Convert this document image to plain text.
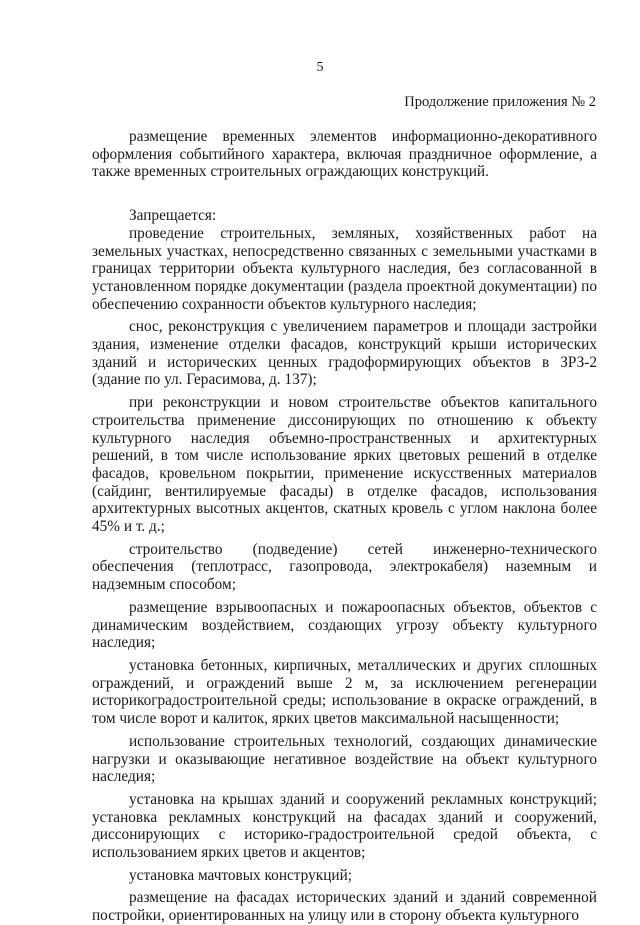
5
Продолжение приложения № 2

размещение временных элементов информационно-декоративного оформления событийного характера, включая праздничное оформление, а также временных строительных ограждающих конструкций.

Запрещается:

проведение строительных, земляных, хозяйственных работ на земельных участках, непосредственно связанных с земельными участками в границах территории объекта культурного наследия, без согласованной в установленном порядке документации (раздела проектной документации) по обеспечению сохранности объектов культурного наследия;

снос, реконструкция с увеличением параметров и площади застройки здания, изменение отделки фасадов, конструкций крыши исторических зданий и исторических ценных градоформирующих объектов в ЗРЗ-2 (здание по ул. Герасимова, д. 137);

при реконструкции и новом строительстве объектов капитального строительства применение диссонирующих по отношению к объекту культурного наследия объемно-пространственных и архитектурных решений, в том числе использование ярких цветовых решений в отделке фасадов, кровельном покрытии, применение искусственных материалов (сайдинг, вентилируемые фасады) в отделке фасадов, использования архитектурных высотных акцентов, скатных кровель с углом наклона более 45% и т. д.;

строительство (подведение) сетей инженерно-технического обеспечения (теплотрасс, газопровода, электрокабеля) наземным и надземным способом;

размещение взрывоопасных и пожароопасных объектов, объектов с динамическим воздействием, создающих угрозу объекту культурного наследия;

установка бетонных, кирпичных, металлических и других сплошных ограждений, и ограждений выше 2 м, за исключением регенерации историкоградостроительной среды; использование в окраске ограждений, в том числе ворот и калиток, ярких цветов максимальной насыщенности;

использование строительных технологий, создающих динамические нагрузки и оказывающие негативное воздействие на объект культурного наследия;

установка на крышах зданий и сооружений рекламных конструкций; установка рекламных конструкций на фасадах зданий и сооружений, диссонирующих с историко-градостроительной средой объекта, с использованием ярких цветов и акцентов;

установка мачтовых конструкций;

размещение на фасадах исторических зданий и зданий современной постройки, ориентированных на улицу или в сторону объекта культурного
